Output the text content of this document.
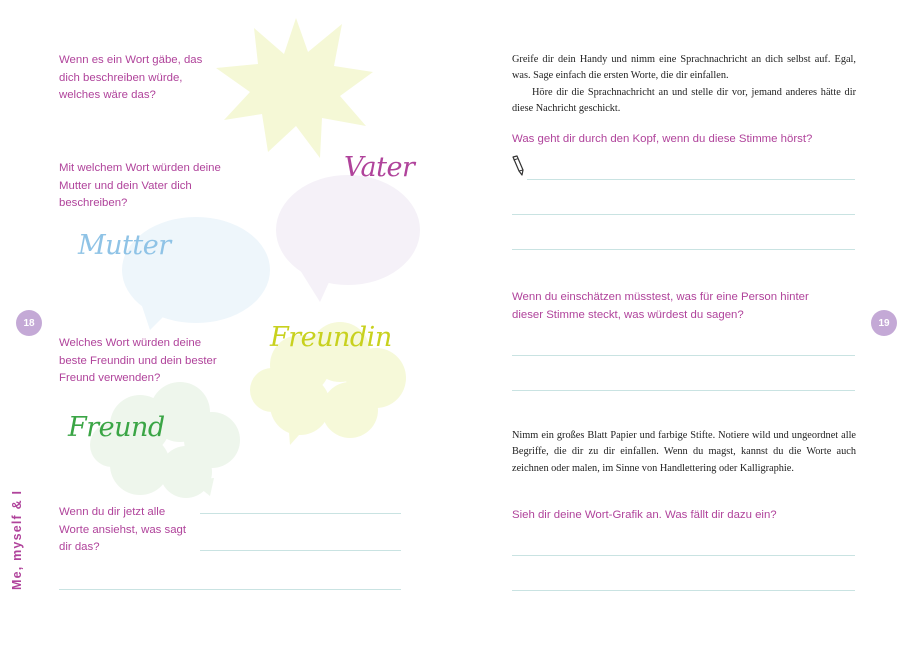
Wenn es ein Wort gäbe, das dich beschreiben würde, welches wäre das?
Mit welchem Wort würden deine Mutter und dein Vater dich beschreiben?
Welches Wort würden deine beste Freundin und dein bester Freund verwenden?
Wenn du dir jetzt alle Worte ansiehst, was sagt dir das?
Vater
Mutter
Freundin
Freund
18
Me, myself & I
Greife dir dein Handy und nimm eine Sprachnachricht an dich selbst auf. Egal, was. Sage einfach die ersten Worte, die dir einfallen.
Höre dir die Sprachnachricht an und stelle dir vor, jemand anderes hätte dir diese Nachricht geschickt.
Was geht dir durch den Kopf, wenn du diese Stimme hörst?
Wenn du einschätzen müsstest, was für eine Person hinter dieser Stimme steckt, was würdest du sagen?
Nimm ein großes Blatt Papier und farbige Stifte. Notiere wild und ungeordnet alle Begriffe, die dir zu dir einfallen. Wenn du magst, kannst du die Worte auch zeichnen oder malen, im Sinne von Handlettering oder Kalligraphie.
Sieh dir deine Wort-Grafik an. Was fällt dir dazu ein?
19
